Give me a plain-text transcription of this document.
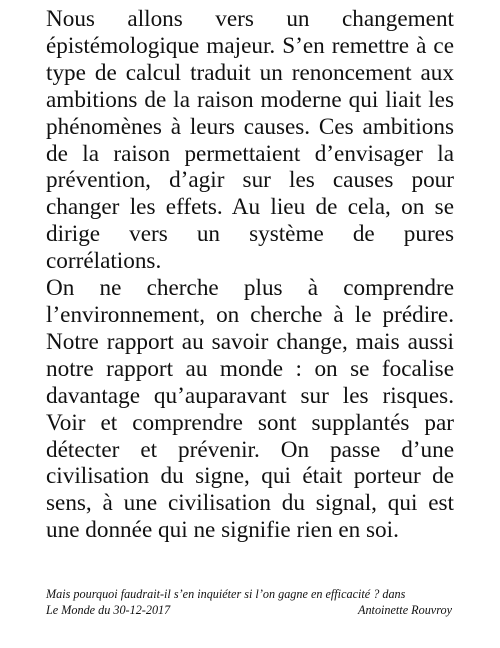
Nous allons vers un changement épistémologique majeur. S’en remettre à ce type de calcul traduit un renoncement aux ambitions de la raison moderne qui liait les phénomènes à leurs causes. Ces ambitions de la raison permettaient d’envisager la prévention, d’agir sur les causes pour changer les effets. Au lieu de cela, on se dirige vers un système de pures corrélations.

On ne cherche plus à comprendre l’environnement, on cherche à le prédire. Notre rapport au savoir change, mais aussi notre rapport au monde : on se focalise davantage qu’auparavant sur les risques. Voir et comprendre sont supplantés par détecter et prévenir. On passe d’une civilisation du signe, qui était porteur de sens, à une civilisation du signal, qui est une donnée qui ne signifie rien en soi.

Mais pourquoi faudrait-il s’en inquiéter si l’on gagne en efficacité ? dans
Le Monde du 30-12-2017	Antoinette Rouvroy
